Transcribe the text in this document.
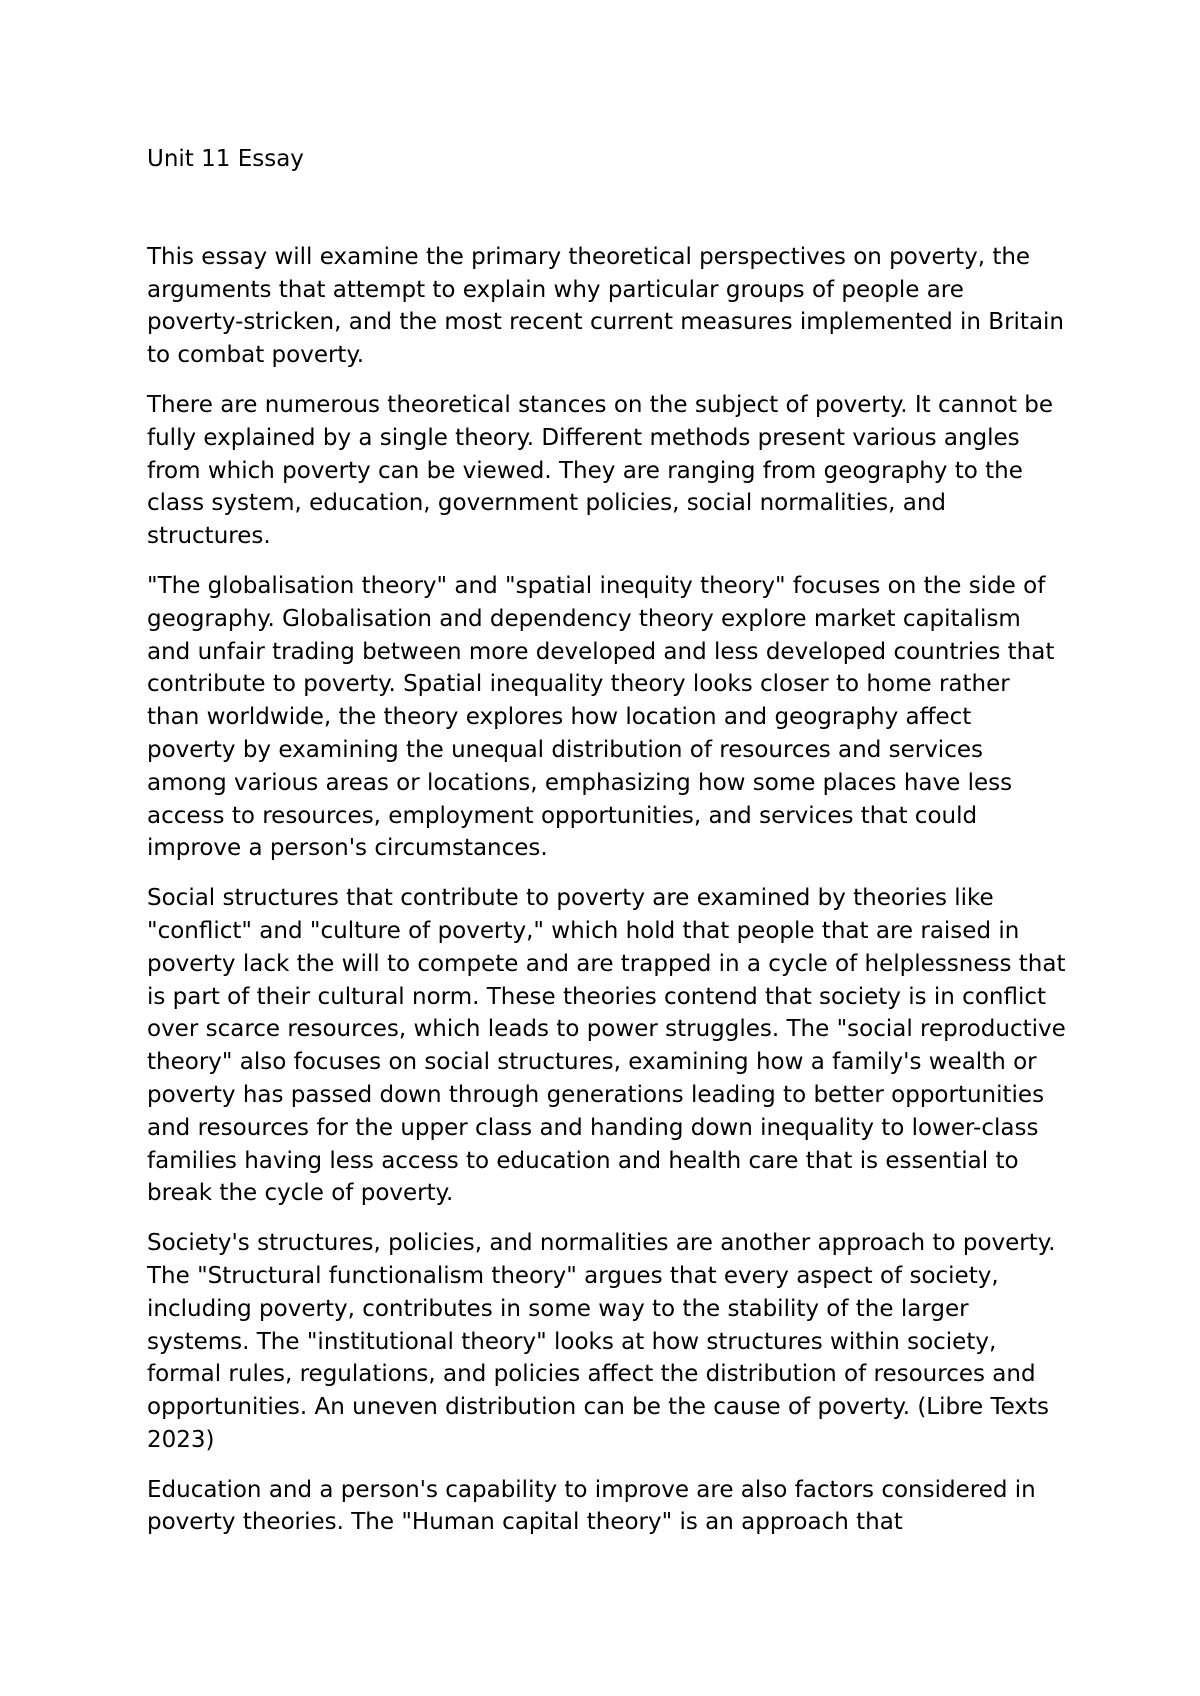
Unit 11 Essay

This essay will examine the primary theoretical perspectives on poverty, the arguments that attempt to explain why particular groups of people are poverty-stricken, and the most recent current measures implemented in Britain to combat poverty.

There are numerous theoretical stances on the subject of poverty. It cannot be fully explained by a single theory. Different methods present various angles from which poverty can be viewed. They are ranging from geography to the class system, education, government policies, social normalities, and structures.

"The globalisation theory" and "spatial inequity theory" focuses on the side of geography. Globalisation and dependency theory explore market capitalism and unfair trading between more developed and less developed countries that contribute to poverty. Spatial inequality theory looks closer to home rather than worldwide, the theory explores how location and geography affect poverty by examining the unequal distribution of resources and services among various areas or locations, emphasizing how some places have less access to resources, employment opportunities, and services that could improve a person's circumstances.

Social structures that contribute to poverty are examined by theories like "conflict" and "culture of poverty," which hold that people that are raised in poverty lack the will to compete and are trapped in a cycle of helplessness that is part of their cultural norm. These theories contend that society is in conflict over scarce resources, which leads to power struggles. The "social reproductive theory" also focuses on social structures, examining how a family's wealth or poverty has passed down through generations leading to better opportunities and resources for the upper class and handing down inequality to lower-class families having less access to education and health care that is essential to break the cycle of poverty.

Society's structures, policies, and normalities are another approach to poverty. The "Structural functionalism theory" argues that every aspect of society, including poverty, contributes in some way to the stability of the larger systems. The "institutional theory" looks at how structures within society, formal rules, regulations, and policies affect the distribution of resources and opportunities. An uneven distribution can be the cause of poverty. (Libre Texts 2023)

Education and a person's capability to improve are also factors considered in poverty theories. The "Human capital theory" is an approach that
